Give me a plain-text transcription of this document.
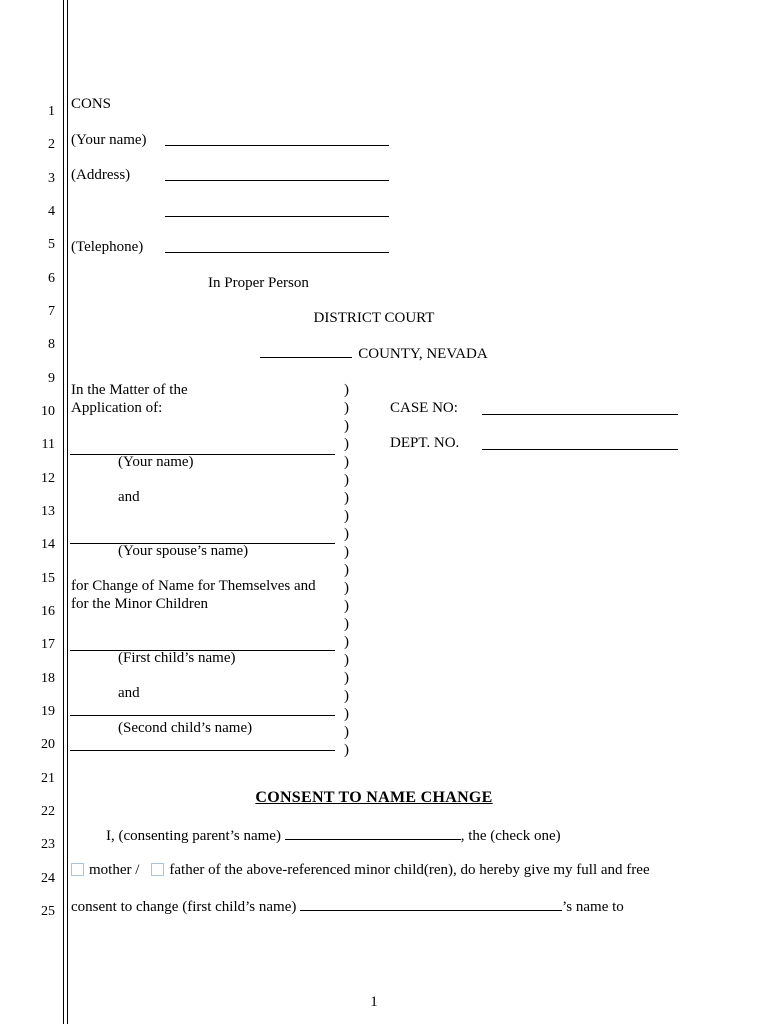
1
2
3
4
5
6
7
8
9
10
11
12
13
14
15
16
17
18
19
20
21
22
23
24
25
CONS
(Your name)
(Address)
(Telephone)
In Proper Person
DISTRICT COURT
COUNTY, NEVADA
In the Matter of the
Application of:
(Your name)
and
(Your spouse’s name)
for Change of Name for Themselves and
for the Minor Children
(First child’s name)
and
(Second child’s name)
)
)
)
)
)
)
)
)
)
)
)
)
)
)
)
)
)
)
)
)
)
CASE NO:
DEPT. NO.
CONSENT TO NAME CHANGE
I, (consenting parent’s name)	, the (check one)
mother / father of the above-referenced minor child(ren), do hereby give my full and free
consent to change (first child’s name)	’s name to
1
